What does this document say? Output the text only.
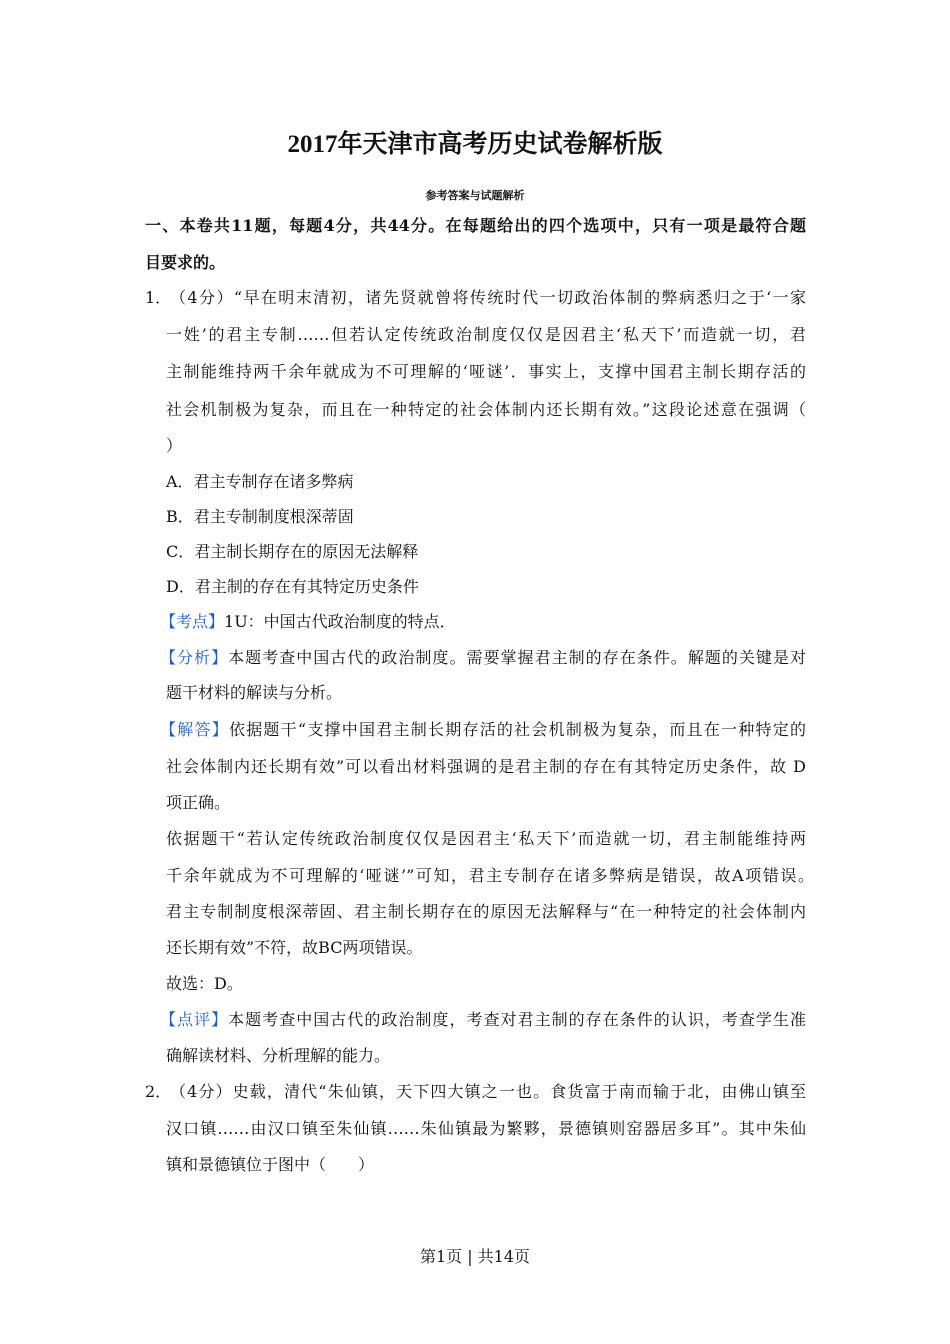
2017年天津市高考历史试卷解析版
参考答案与试题解析
一、本卷共11题，每题4分，共44分。在每题给出的四个选项中，只有一项是最符合题
目要求的。
1．
（4分）“早在明末清初，诸先贤就曾将传统时代一切政治体制的弊病悉归之于‘一家
一姓’的君主专制……但若认定传统政治制度仅仅是因君主‘私天下’而造就一切，君
主制能维持两千余年就成为不可理解的‘哑谜’．事实上，支撑中国君主制长期存活的
社会机制极为复杂，而且在一种特定的社会体制内还长期有效。”这段论述意在强调（
）
A．君主专制存在诸多弊病
B．君主专制制度根深蒂固
C．君主制长期存在的原因无法解释
D．君主制的存在有其特定历史条件
【考点】1U：中国古代政治制度的特点．
【分析】本题考查中国古代的政治制度。需要掌握君主制的存在条件。解题的关键是对
题干材料的解读与分析。
【解答】依据题干“支撑中国君主制长期存活的社会机制极为复杂，而且在一种特定的
社会体制内还长期有效”可以看出材料强调的是君主制的存在有其特定历史条件，故 D
项正确。
依据题干“若认定传统政治制度仅仅是因君主‘私天下’而造就一切，君主制能维持两
千余年就成为不可理解的‘哑谜’”可知，君主专制存在诸多弊病是错误，故A项错误。
君主专制制度根深蒂固、君主制长期存在的原因无法解释与“在一种特定的社会体制内
还长期有效”不符，故BC两项错误。
故选：D。
【点评】本题考查中国古代的政治制度，考查对君主制的存在条件的认识，考查学生准
确解读材料、分析理解的能力。
2．
（4分）史载，清代“朱仙镇，天下四大镇之一也。食货富于南而输于北，由佛山镇至
汉口镇……由汉口镇至朱仙镇……朱仙镇最为繁夥，景德镇则窑器居多耳”。其中朱仙
镇和景德镇位于图中（　　）
第1页 | 共14页
